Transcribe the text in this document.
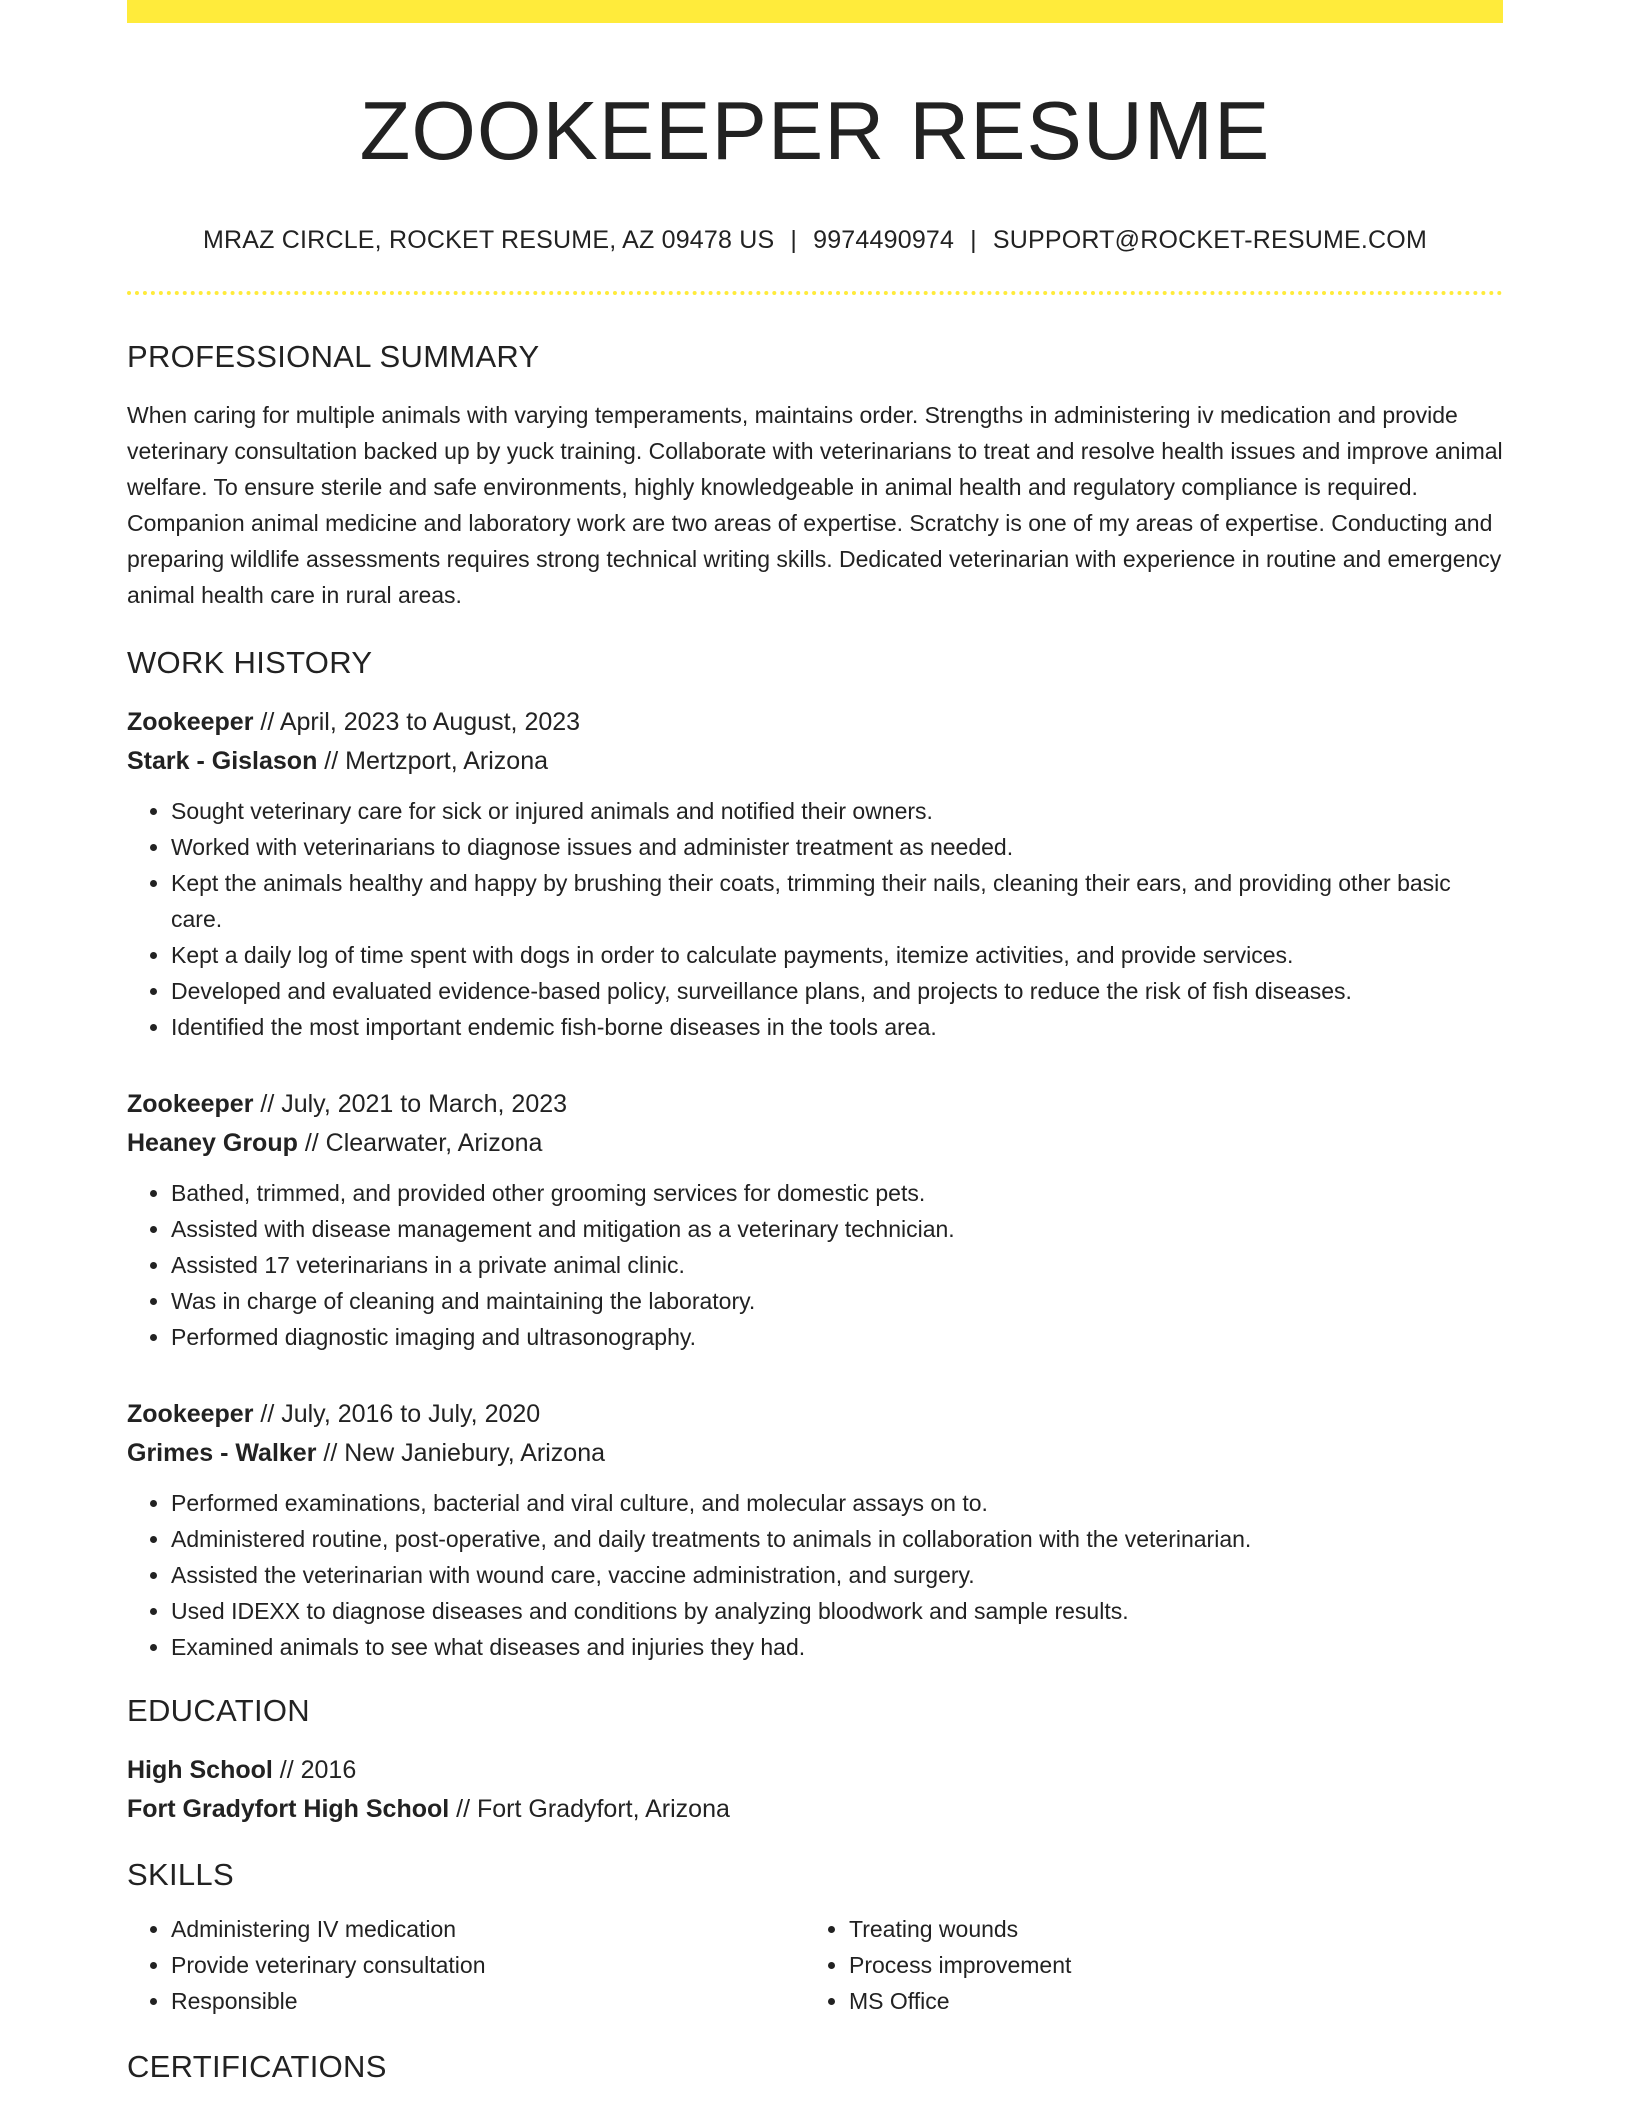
ZOOKEEPER RESUME
MRAZ CIRCLE, ROCKET RESUME, AZ 09478 US | 9974490974 | SUPPORT@ROCKET-RESUME.COM
PROFESSIONAL SUMMARY
When caring for multiple animals with varying temperaments, maintains order. Strengths in administering iv medication and provide veterinary consultation backed up by yuck training. Collaborate with veterinarians to treat and resolve health issues and improve animal welfare. To ensure sterile and safe environments, highly knowledgeable in animal health and regulatory compliance is required. Companion animal medicine and laboratory work are two areas of expertise. Scratchy is one of my areas of expertise. Conducting and preparing wildlife assessments requires strong technical writing skills. Dedicated veterinarian with experience in routine and emergency animal health care in rural areas.
WORK HISTORY
Zookeeper // April, 2023 to August, 2023
Stark - Gislason // Mertzport, Arizona
• Sought veterinary care for sick or injured animals and notified their owners.
• Worked with veterinarians to diagnose issues and administer treatment as needed.
• Kept the animals healthy and happy by brushing their coats, trimming their nails, cleaning their ears, and providing other basic care.
• Kept a daily log of time spent with dogs in order to calculate payments, itemize activities, and provide services.
• Developed and evaluated evidence-based policy, surveillance plans, and projects to reduce the risk of fish diseases.
• Identified the most important endemic fish-borne diseases in the tools area.
Zookeeper // July, 2021 to March, 2023
Heaney Group // Clearwater, Arizona
• Bathed, trimmed, and provided other grooming services for domestic pets.
• Assisted with disease management and mitigation as a veterinary technician.
• Assisted 17 veterinarians in a private animal clinic.
• Was in charge of cleaning and maintaining the laboratory.
• Performed diagnostic imaging and ultrasonography.
Zookeeper // July, 2016 to July, 2020
Grimes - Walker // New Janiebury, Arizona
• Performed examinations, bacterial and viral culture, and molecular assays on to.
• Administered routine, post-operative, and daily treatments to animals in collaboration with the veterinarian.
• Assisted the veterinarian with wound care, vaccine administration, and surgery.
• Used IDEXX to diagnose diseases and conditions by analyzing bloodwork and sample results.
• Examined animals to see what diseases and injuries they had.
EDUCATION
High School // 2016
Fort Gradyfort High School // Fort Gradyfort, Arizona
SKILLS
• Administering IV medication
• Provide veterinary consultation
• Responsible
• Treating wounds
• Process improvement
• MS Office
CERTIFICATIONS
